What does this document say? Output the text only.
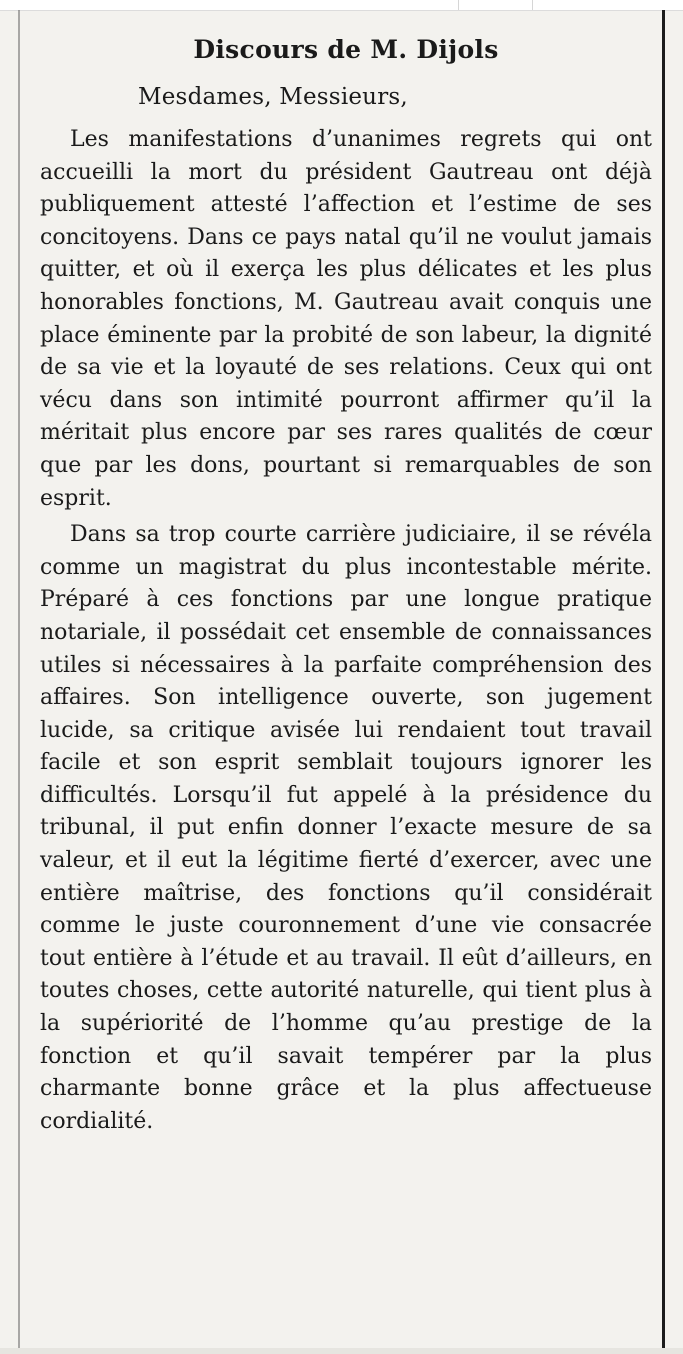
Discours de M. Dijols
Mesdames, Messieurs,

Les manifestations d’unanimes regrets qui ont accueilli la mort du président Gautreau ont déjà publiquement attesté l’affection et l’estime de ses concitoyens. Dans ce pays natal qu’il ne voulut jamais quitter, et où il exerça les plus délicates et les plus honorables fonctions, M. Gautreau avait conquis une place éminente par la probité de son labeur, la dignité de sa vie et la loyauté de ses relations. Ceux qui ont vécu dans son intimité pourront affirmer qu’il la méritait plus encore par ses rares qualités de cœur que par les dons, pourtant si remarquables de son esprit.

Dans sa trop courte carrière judiciaire, il se révéla comme un magistrat du plus incontestable mérite. Préparé à ces fonctions par une longue pratique notariale, il possédait cet ensemble de connaissances utiles si nécessaires à la parfaite compréhension des affaires. Son intelligence ouverte, son jugement lucide, sa critique avisée lui rendaient tout travail facile et son esprit semblait toujours ignorer les difficultés. Lorsqu’il fut appelé à la présidence du tribunal, il put enfin donner l’exacte mesure de sa valeur, et il eut la légitime fierté d’exercer, avec une entière maîtrise, des fonctions qu’il considérait comme le juste couronnement d’une vie consacrée tout entière à l’étude et au travail. Il eût d’ailleurs, en toutes choses, cette autorité naturelle, qui tient plus à la supériorité de l’homme qu’au prestige de la fonction et qu’il savait tempérer par la plus charmante bonne grâce et la plus affectueuse cordialité.
